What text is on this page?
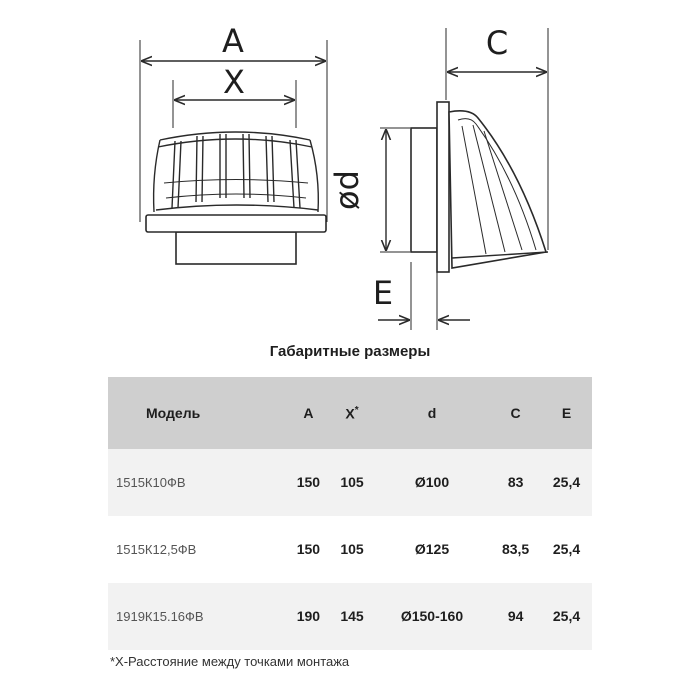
A
X
C
ød
E
Габаритные размеры
Модель	A	X*	d	C	E
1515К10ФВ	150	105	Ø100	83	25,4
1515К12,5ФВ	150	105	Ø125	83,5	25,4
1919К15.16ФВ	190	145	Ø150-160	94	25,4
*Х-Расстояние между точками монтажа
